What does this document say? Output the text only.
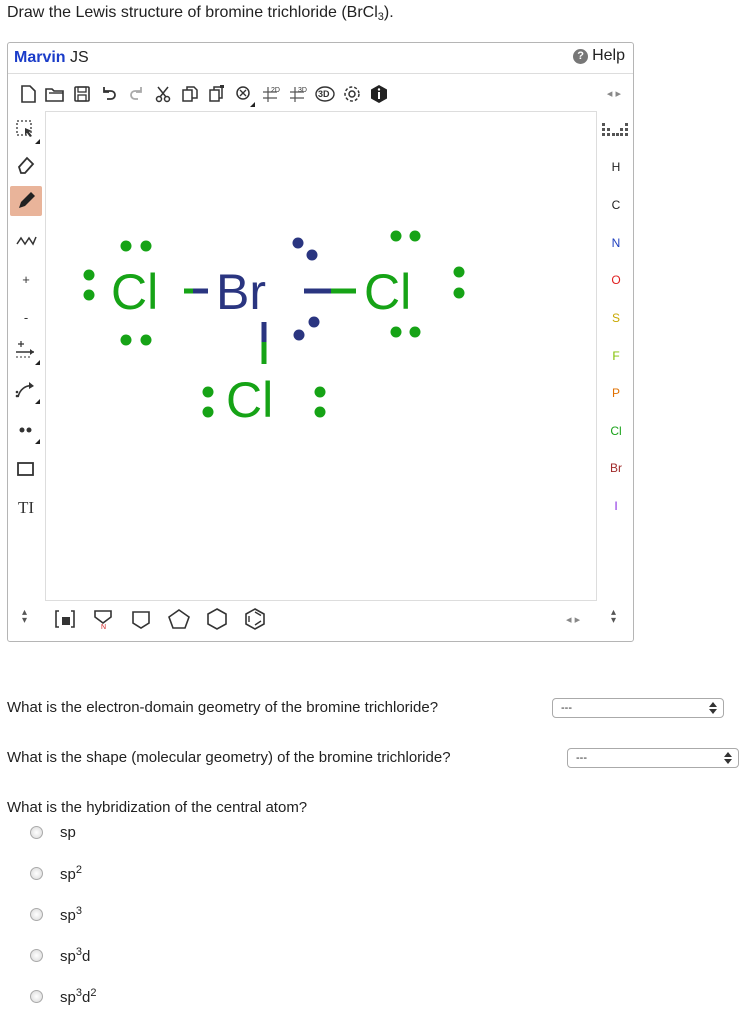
Draw the Lewis structure of bromine trichloride (BrCl$_3$).
Marvin JS	? Help
2D	3D 3D	◂ ▸
+
-
T I
Cl Br Cl
Cl
H
C
N
O
S
F
P
Cl
Br
I
▴
▾
N
◂ ▸
▴
▾
What is the electron-domain geometry of the bromine trichloride?	---
What is the shape (molecular geometry) of the bromine trichloride?	---
What is the hybridization of the central atom?
sp
$sp^2$
$sp^3$
$sp^3d$
$sp^3d^2$
